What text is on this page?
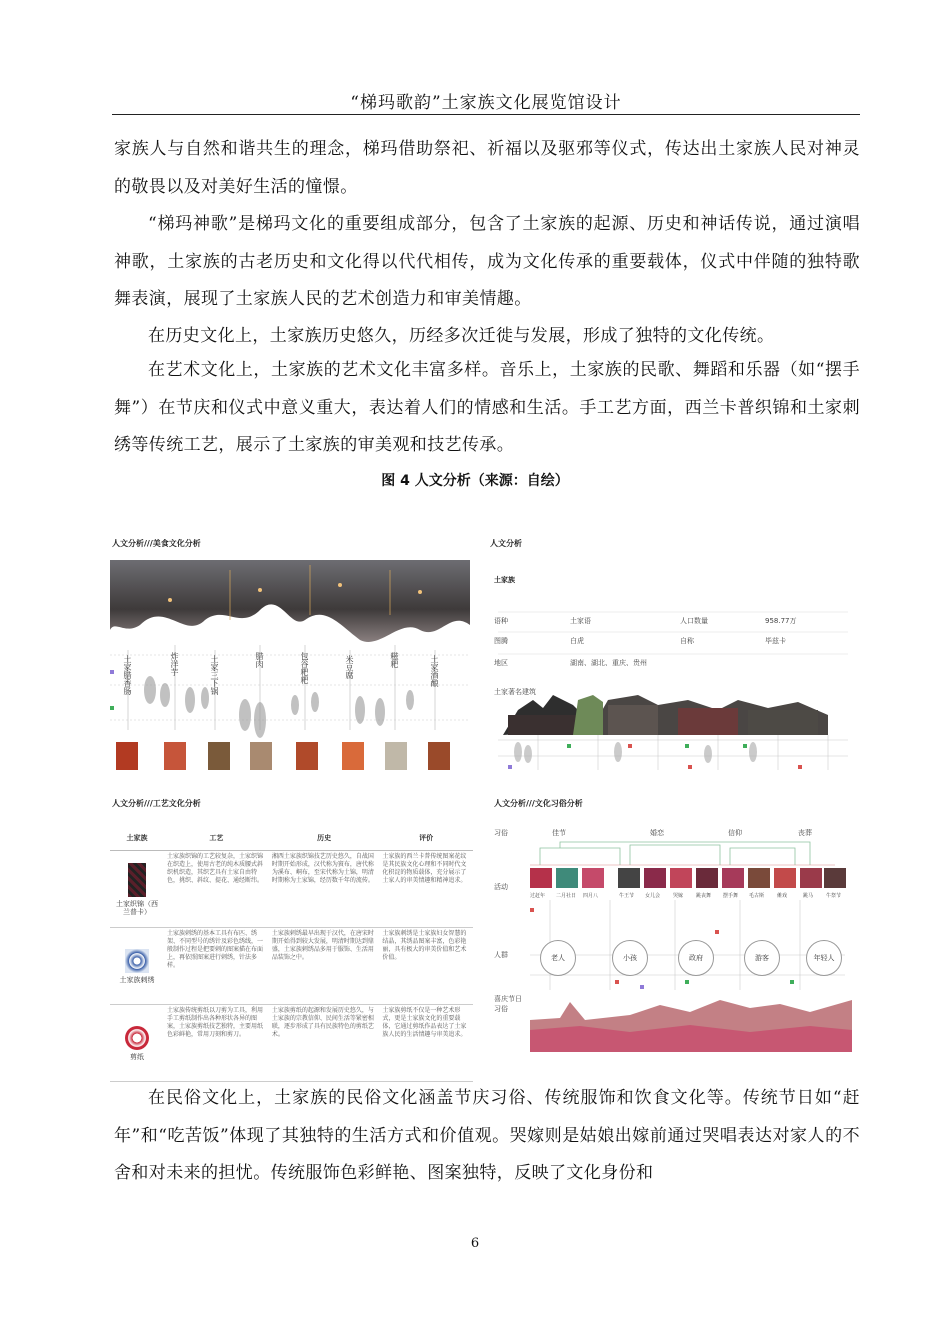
“梯玛歌韵”土家族文化展览馆设计
家族人与自然和谐共生的理念，梯玛借助祭祀、祈福以及驱邪等仪式，传达出土家族人民对神灵的敬畏以及对美好生活的憧憬。
“梯玛神歌”是梯玛文化的重要组成部分，包含了土家族的起源、历史和神话传说，通过演唱神歌，土家族的古老历史和文化得以代代相传，成为文化传承的重要载体，仪式中伴随的独特歌舞表演，展现了土家族人民的艺术创造力和审美情趣。
在历史文化上，土家族历史悠久，历经多次迁徙与发展，形成了独特的文化传统。
在艺术文化上，土家族的艺术文化丰富多样。音乐上，土家族的民歌、舞蹈和乐器（如“摆手舞”）在节庆和仪式中意义重大，表达着人们的情感和生活。手工艺方面，西兰卡普织锦和土家刺绣等传统工艺，展示了土家族的审美观和技艺传承。
图 4 人文分析（来源：自绘）
人文分析///美食文化分析
土家腊香肠	炸洋芋	土家三下锅	腊肉	包谷粑粑	米豆腐	糍粑	土家酒酿
人文分析
土家族
语种	土家语	人口数量	958.77万
图腾	白虎	自称	毕兹卡
地区	湖南、湖北、重庆、贵州
土家著名建筑
人文分析///工艺文化分析
土家族	工艺	历史	评价

土家织锦（西兰普卡）	土家族织锦的工艺较复杂，土家织锦在织造上，使用古老的纯木质腰式斜织机织造，其织艺具有土家自由特色，挑织、斜纹、提花、通经断纬。	湘西土家族织锦技艺历史悠久，自战国时期开始形成，汉代称为賨布，唐代称为溪布、峒布，至宋代称为土锦，明清时期称为土家锦，经历数千年的流传。	土家族的西兰卡普传统图案花纹是其民族文化心理和不同时代文化积淀的物质载体，充分展示了土家人的审美情趣和精神追求。

土家族刺绣	土家族刺绣的基本工具有布匹、绣架、不同型号的绣针及彩色绣线，一般制作过程是把要刺的图案描在布面上，再依照图案进行刺绣，针法多样。	土家族刺绣最早出现于汉代，在唐宋时期开始得到较大发展，明清时期达到鼎盛，土家族刺绣品多用于服饰、生活用品装饰之中。	土家族刺绣是土家族妇女智慧的结晶，其绣品图案丰富，色彩艳丽，具有极大的审美价值和艺术价值。

剪纸	土家族传统剪纸以刀剪为工具，利用手工剪纸制作出各种形状各异的图案，土家族剪纸技艺独特，主要用纸色彩鲜艳，常用刀刻和剪刀。	土家族剪纸的起源和发展历史悠久，与土家族的宗教信仰、民间生活等紧密相联，逐步形成了具有民族特色的剪纸艺术。	土家族剪纸不仅是一种艺术形式，更是土家族文化的重要载体，它通过剪纸作品表达了土家族人民的生活情趣与审美追求。
人文分析///文化习俗分析
习俗
活动
人群
喜庆节日习俗
佳节	婚恋	信仰	丧葬
过赶年 二月社日 四月八	牛王节 女儿会	哭嫁	跳丧舞 摆手舞 毛古斯	傩戏	跳马	牛祭节
老人	小孩	政府	游客	年轻人
在民俗文化上，土家族的民俗文化涵盖节庆习俗、传统服饰和饮食文化等。传统节日如“赶年”和“吃苦饭”体现了其独特的生活方式和价值观。哭嫁则是姑娘出嫁前通过哭唱表达对家人的不舍和对未来的担忧。传统服饰色彩鲜艳、图案独特，反映了文化身份和
6
